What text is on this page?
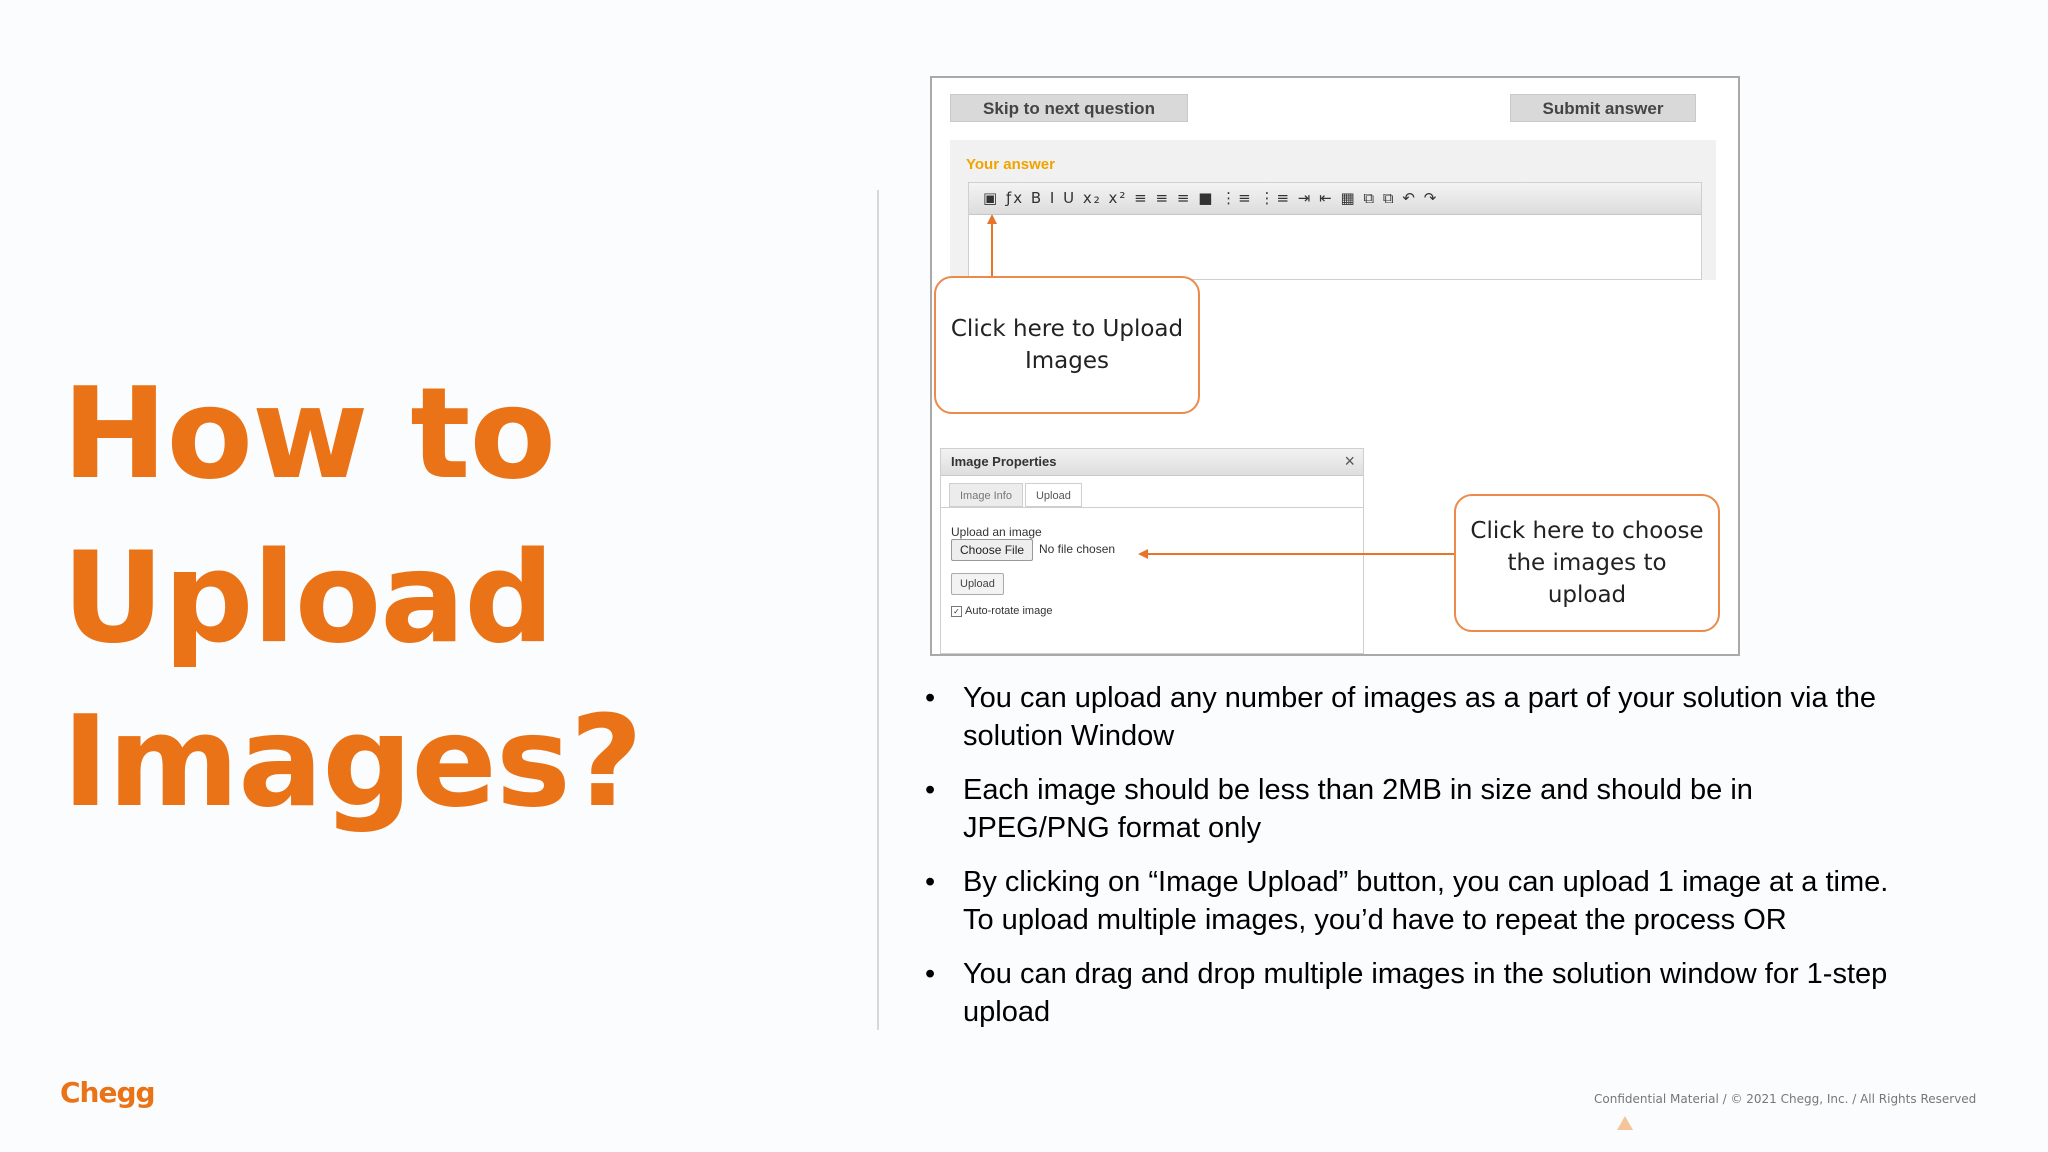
How to
Upload
Images?
Skip to next question	Submit answer
Your answer
▣ ƒx B I U x₂ x² ≡ ≡ ≡ ■ ⋮≡ ⋮≡ ⇥ ⇤ ▦ ⧉ ⧉ ↶ ↷
Click here to Upload Images
Image Properties	×
Image Info Upload
Upload an image
Choose File	No file chosen
Upload
✓ Auto-rotate image
Click here to choose the images to upload
• You can upload any number of images as a part of your solution via the solution Window
• Each image should be less than 2MB in size and should be in JPEG/PNG format only
• By clicking on “Image Upload” button, you can upload 1 image at a time. To upload multiple images, you’d have to repeat the process OR
• You can drag and drop multiple images in the solution window for 1-step upload
Chegg	Confidential Material / © 2021 Chegg, Inc. / All Rights Reserved
